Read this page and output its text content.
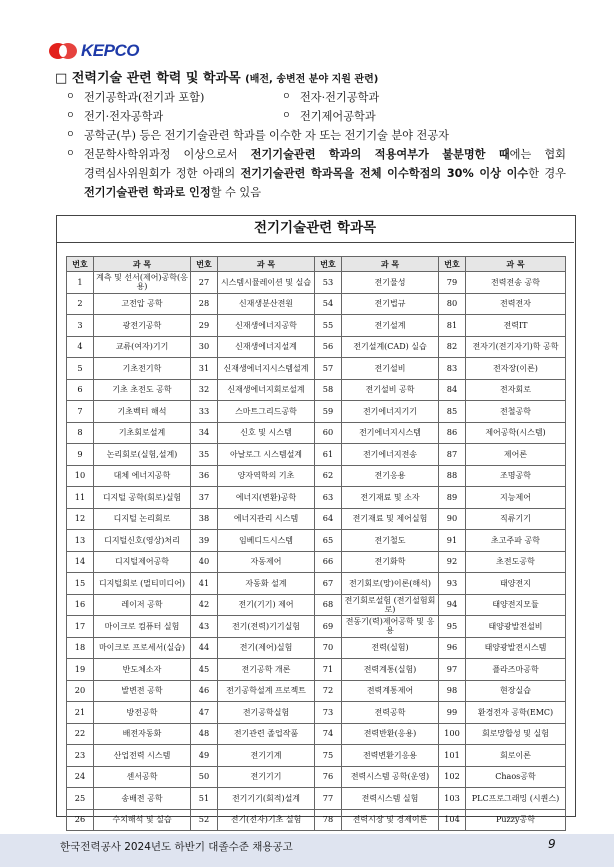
KEPCO
□ 전력기술 관련 학력 및 학과목 (배전, 송변전 분야 지원 관련)
ㅇ 전기공학과(전기과 포함)	ㅇ 전자·전기공학과
ㅇ 전기·전자공학과	ㅇ 전기제어공학과
ㅇ 공학군(부) 등은 전기기술관련 학과를 이수한 자 또는 전기기술 분야 전공자
ㅇ 전문학사학위과정 이상으로서 전기기술관련 학과의 적용여부가 불분명한 때에는 협회 경력심사위원회가 정한 아래의 전기기술관련 학과목을 전체 이수학점의 30% 이상 이수한 경우 전기기술관련 학과로 인정할 수 있음
전기기술관련 학과목
번호	과 목	번호	과 목	번호	과 목	번호	과 목
1	계측 및 선서(제어)공학(응용)	27	시스템시뮬레이션 및 실습	53	전기물성	79	전력전송 공학
2	고전압 공학	28	신재생분산전원	54	전기법규	80	전력전자
3	광전기공학	29	신재생에너지공학	55	전기설계	81	전력IT
4	교류(여자)기기	30	신재생에너지설계	56	전기설계(CAD) 실습	82	전자기(전기자기)학 공학
5	기초전기학	31	신재생에너지시스템설계	57	전기설비	83	전자장(이론)
6	기초 초전도 공학	32	신재생에너지회로설계	58	전기설비 공학	84	전자회로
7	기초벡터 해석	33	스마트그리드공학	59	전기에너지기기	85	전철공학
8	기초회로설계	34	신호 및 시스템	60	전기에너지시스템	86	제어공학(시스템)
9	논리회로(실험,설계)	35	아날로그 시스템설계	61	전기에너지전송	87	제어론
10	대체 에너지공학	36	양자역학의 기초	62	전기응용	88	조명공학
11	디지털 공학(회로)실험	37	에너지(변환)공학	63	전기재료 및 소자	89	지능제어
12	디지털 논리회로	38	에너지관리 시스템	64	전기재료 및 제어실험	90	직류기기
13	디지털신호(영상)처리	39	임베디드시스템	65	전기철도	91	초고주파 공학
14	디지털제어공학	40	자동제어	66	전기화학	92	초전도공학
15	디지털회로 (멀티미디어)	41	자동화 설계	67	전기회로(망)이론(해석)	93	태양전지
16	레이저 공학	42	전기(기기) 제어	68	전기회로설험 (전기설험회로)	94	태양전지모듈
17	마이크로 컴퓨터 실험	43	전기(전력)기기실험	69	전동기(력)제어공학 및 응용	95	태양광발전설비
18	마이크로 프로세서(실습)	44	전기(제어)실험	70	전력(실험)	96	태양광발전시스템
19	반도체소자	45	전기공학 개론	71	전력계통(실험)	97	플라즈마공학
20	발변전 공학	46	전기공학설계 프로젝트	72	전력계통제어	98	현장실습
21	방전공학	47	전기공학실험	73	전력공학	99	환경전자 공학(EMC)
22	배전자동화	48	전기관련 졸업작품	74	전력반환(응용)	100	회로망합성 및 실험
23	산업전력 시스템	49	전기기계	75	전력변환기응용	101	회로이론
24	센서공학	50	전기기기	76	전력시스템 공학(운영)	102	Chaos공학
25	송배전 공학	51	전기기기(회적)설계	77	전력시스템 실험	103	PLC프로그래밍 (시퀀스)
26	수치해석 및 실습	52	전기(전자)기초 실험	78	전력시장 및 경제이론	104	Puzzy공학
한국전력공사 2024년도 하반기 대졸수준 채용공고	9
